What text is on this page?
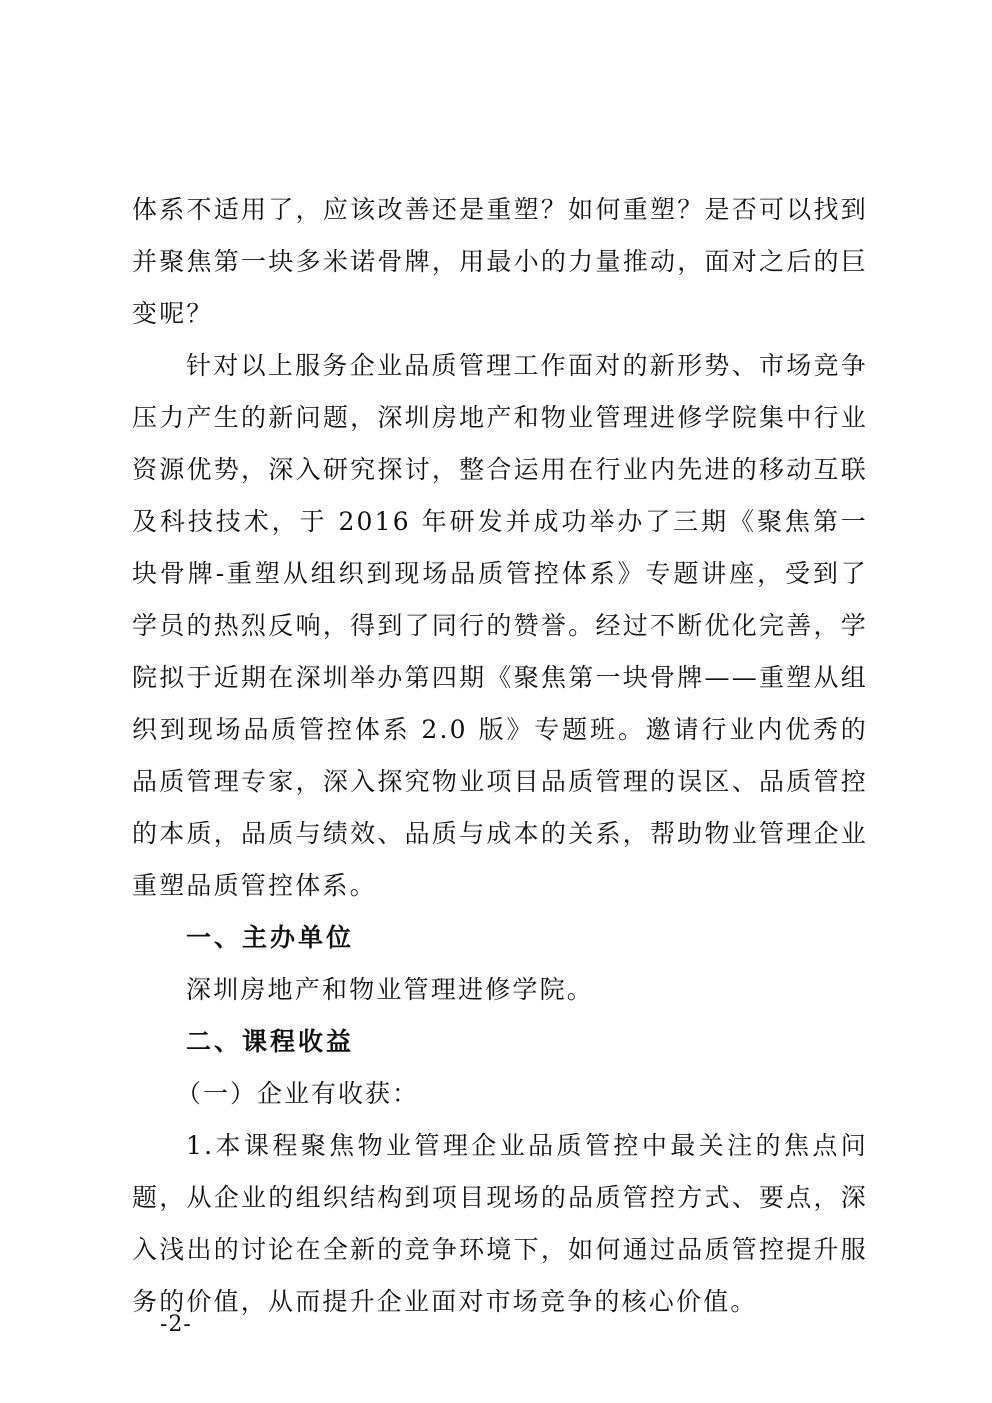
体系不适用了，应该改善还是重塑？如何重塑？是否可以找到并聚焦第一块多米诺骨牌，用最小的力量推动，面对之后的巨变呢？

针对以上服务企业品质管理工作面对的新形势、市场竞争压力产生的新问题，深圳房地产和物业管理进修学院集中行业资源优势，深入研究探讨，整合运用在行业内先进的移动互联及科技技术，于 2016 年研发并成功举办了三期《聚焦第一块骨牌-重塑从组织到现场品质管控体系》专题讲座，受到了学员的热烈反响，得到了同行的赞誉。经过不断优化完善，学院拟于近期在深圳举办第四期《聚焦第一块骨牌——重塑从组织到现场品质管控体系 2.0 版》专题班。邀请行业内优秀的品质管理专家，深入探究物业项目品质管理的误区、品质管控的本质，品质与绩效、品质与成本的关系，帮助物业管理企业重塑品质管控体系。

一、主办单位

深圳房地产和物业管理进修学院。

二、课程收益

（一）企业有收获：

1.本课程聚焦物业管理企业品质管控中最关注的焦点问题，从企业的组织结构到项目现场的品质管控方式、要点，深入浅出的讨论在全新的竞争环境下，如何通过品质管控提升服务的价值，从而提升企业面对市场竞争的核心价值。

-2-
